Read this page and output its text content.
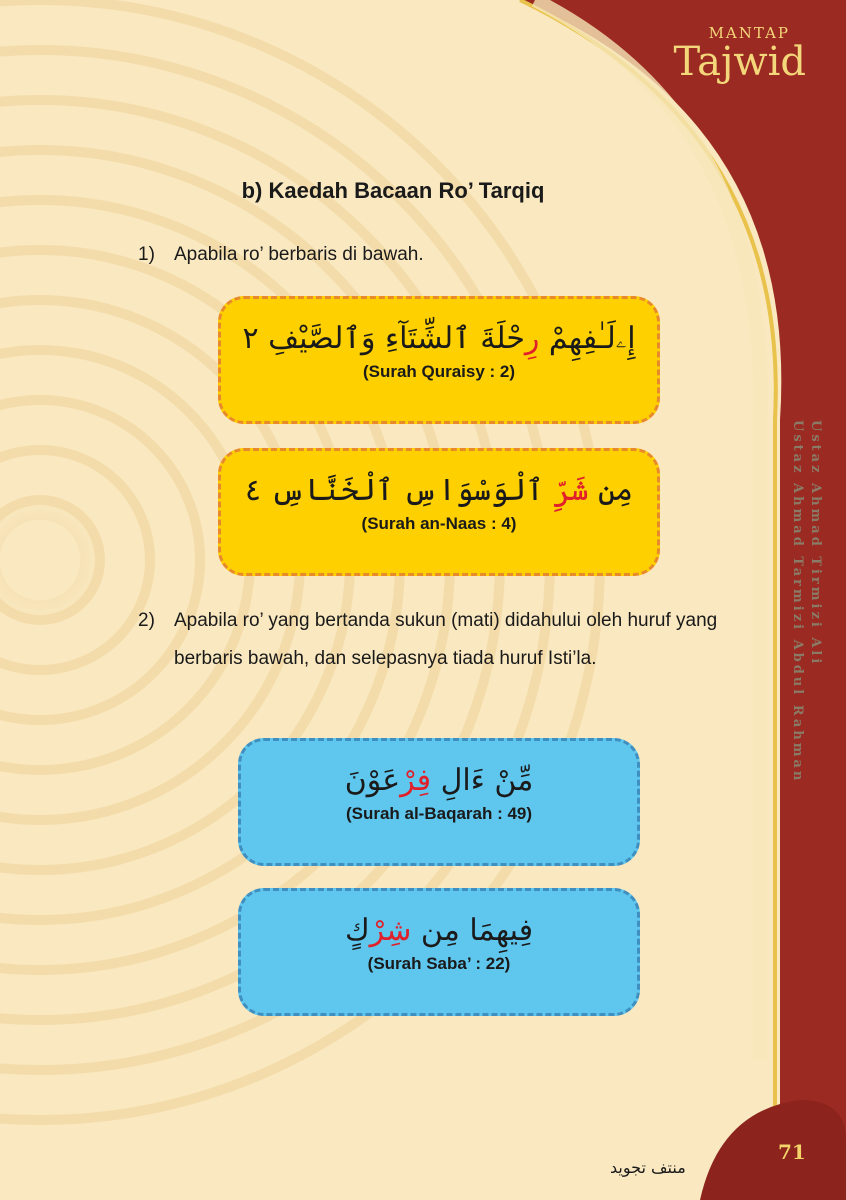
MANTAP
Tajwid
Ustaz Ahmad Tirmizi Ali
Ustaz Ahmad Tarmizi Abdul Rahman
b) Kaedah Bacaan Ro’ Tarqiq
1) Apabila ro’ berbaris di bawah.
إِۦلَـٰفِهِمْ رِحْلَةَ ٱلشِّتَآءِ وَٱلصَّيْفِ ٢
(Surah Quraisy : 2)
مِن شَرِّ ٱلْوَسْوَاسِ ٱلْخَنَّاسِ ٤
(Surah an-Naas : 4)
2) Apabila ro’ yang bertanda sukun (mati) didahului oleh huruf yang berbaris bawah, dan selepasnya tiada huruf Isti’la.
مِّنْ ءَالِ فِرْعَوْنَ
(Surah al-Baqarah : 49)
فِيهِمَا مِن شِرْكٍ
(Surah Saba’ : 22)
منتف تجويد
71
